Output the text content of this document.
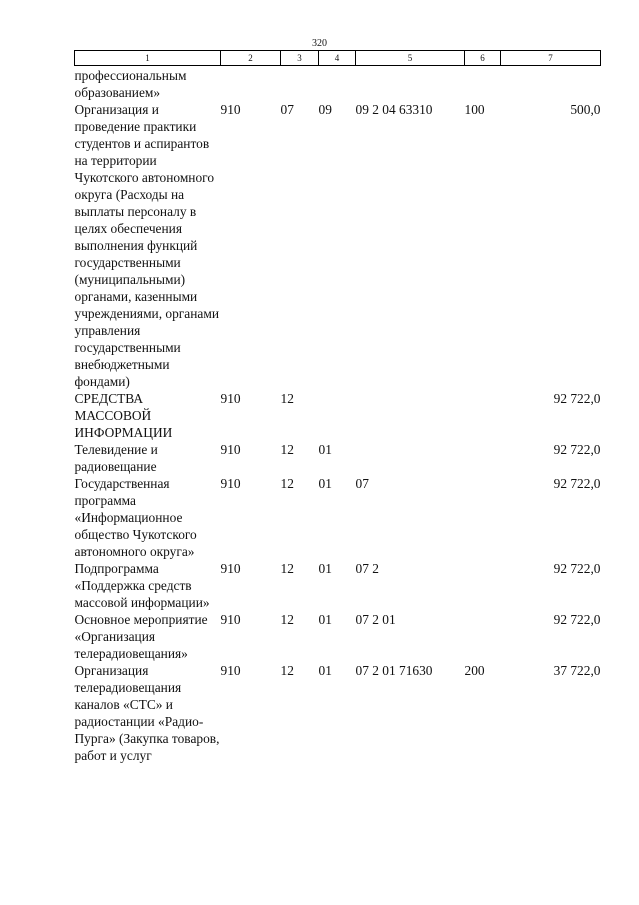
320
1	2	3	4	5	6	7
профессиональным образованием»						
Организация и проведение практики студентов и аспирантов на территории Чукотского автономного округа (Расходы на выплаты персоналу в целях обеспечения выполнения функций государственными (муниципальными) органами, казенными учреждениями, органами управления государственными внебюджетными фондами)	910	07	09	09 2 04 63310	100	500,0
СРЕДСТВА МАССОВОЙ ИНФОРМАЦИИ	910	12				92 722,0
Телевидение и радиовещание	910	12	01			92 722,0
Государственная программа «Информационное общество Чукотского автономного округа»	910	12	01	07		92 722,0
Подпрограмма «Поддержка средств массовой информации»	910	12	01	07 2		92 722,0
Основное мероприятие «Организация телерадиовещания»	910	12	01	07 2 01		92 722,0
Организация телерадиовещания каналов «СТС» и радиостанции «Радио-Пурга» (Закупка товаров, работ и услуг	910	12	01	07 2 01 71630	200	37 722,0
